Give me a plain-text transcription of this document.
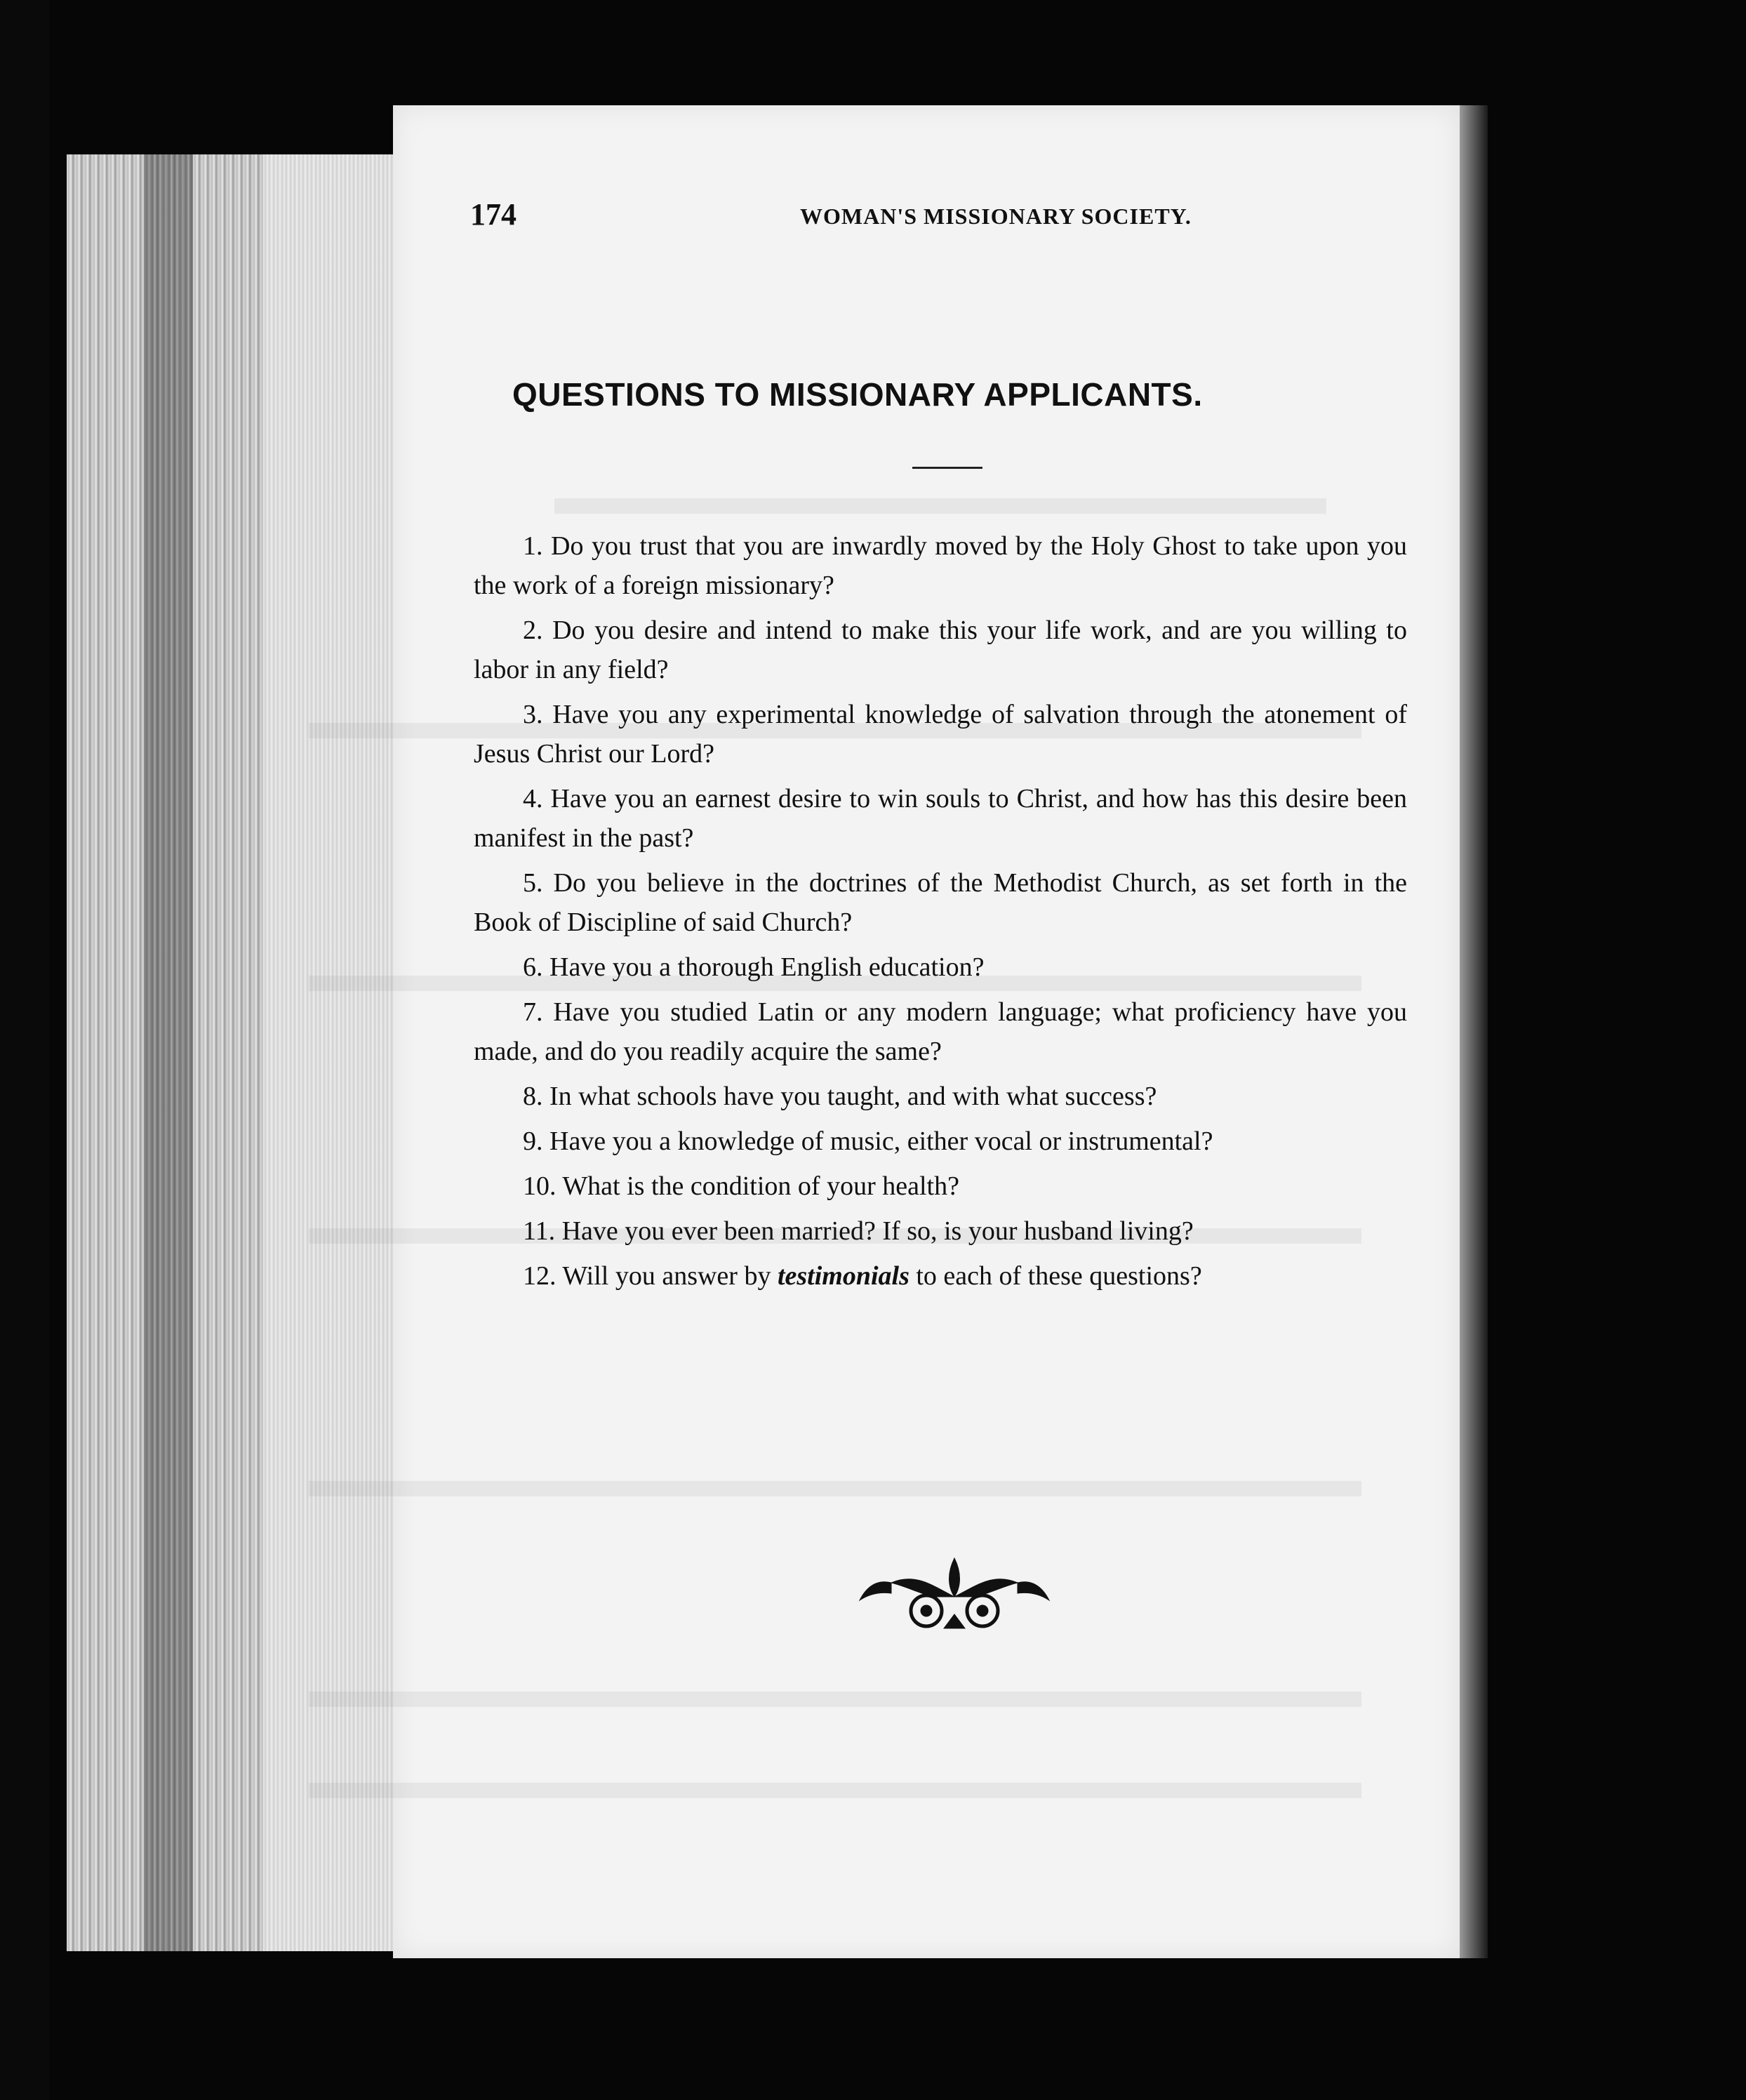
174	WOMAN'S MISSIONARY SOCIETY.
QUESTIONS TO MISSIONARY APPLICANTS.

1. Do you trust that you are inwardly moved by the Holy Ghost to take upon you the work of a foreign missionary?

2. Do you desire and intend to make this your life work, and are you willing to labor in any field?

3. Have you any experimental knowledge of salvation through the atonement of Jesus Christ our Lord?

4. Have you an earnest desire to win souls to Christ, and how has this desire been manifest in the past?

5. Do you believe in the doctrines of the Methodist Church, as set forth in the Book of Discipline of said Church?

6. Have you a thorough English education?

7. Have you studied Latin or any modern language; what proficiency have you made, and do you readily acquire the same?

8. In what schools have you taught, and with what success?

9. Have you a knowledge of music, either vocal or instrumental?

10. What is the condition of your health?

11. Have you ever been married? If so, is your husband living?

12. Will you answer by testimonials to each of these questions?
